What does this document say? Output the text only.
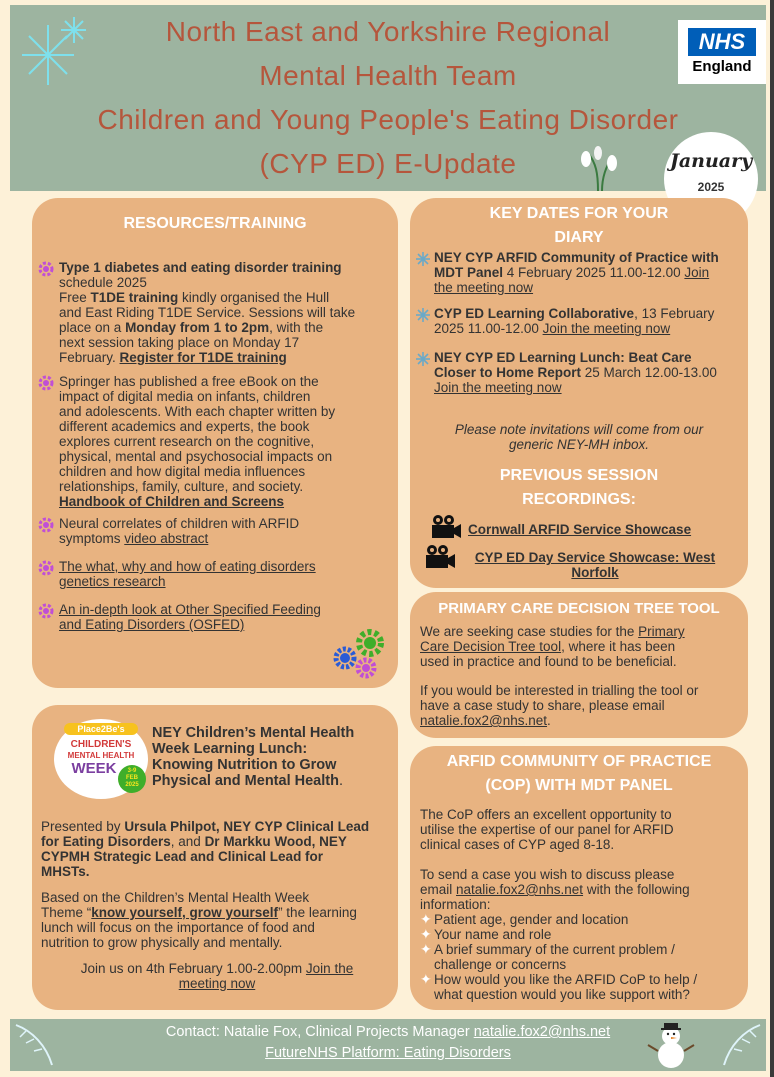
North East and Yorkshire Regional
Mental Health Team
Children and Young People's Eating Disorder
(CYP ED) E-Update
NHS
England
January
2025
RESOURCES/TRAINING
Type 1 diabetes and eating disorder training
schedule 2025
Free T1DE training kindly organised the Hull
and East Riding T1DE Service. Sessions will take
place on a Monday from 1 to 2pm, with the
next session taking place on Monday 17
February. Register for T1DE training
Springer has published a free eBook on the
impact of digital media on infants, children
and adolescents. With each chapter written by
different academics and experts, the book
explores current research on the cognitive,
physical, mental and psychosocial impacts on
children and how digital media influences
relationships, family, culture, and society.
Handbook of Children and Screens
Neural correlates of children with ARFID
symptoms video abstract
The what, why and how of eating disorders
genetics research
An in-depth look at Other Specified Feeding
and Eating Disorders (OSFED)
Place2Be's
CHILDREN'S
MENTAL HEALTH
WEEK	3-9
FEB
2025
NEY Children’s Mental Health
Week Learning Lunch:
Knowing Nutrition to Grow
Physical and Mental Health.
Presented by Ursula Philpot, NEY CYP Clinical Lead
for Eating Disorders, and Dr Markku Wood, NEY
CYPMH Strategic Lead and Clinical Lead for
MHSTs.
Based on the Children’s Mental Health Week
Theme “know yourself, grow yourself” the learning
lunch will focus on the importance of food and
nutrition to grow physically and mentally.
Join us on 4th February 1.00-2.00pm Join the
meeting now
KEY DATES FOR YOUR
DIARY
NEY CYP ARFID Community of Practice with
MDT Panel 4 February 2025 11.00-12.00 Join
the meeting now
CYP ED Learning Collaborative, 13 February
2025 11.00-12.00 Join the meeting now
NEY CYP ED Learning Lunch: Beat Care
Closer to Home Report 25 March 12.00-13.00
Join the meeting now
Please note invitations will come from our
generic NEY-MH inbox.
PREVIOUS SESSION
RECORDINGS:
Cornwall ARFID Service Showcase
CYP ED Day Service Showcase: West
Norfolk
PRIMARY CARE DECISION TREE TOOL
We are seeking case studies for the Primary
Care Decision Tree tool, where it has been
used in practice and found to be beneficial.
If you would be interested in trialling the tool or
have a case study to share, please email
natalie.fox2@nhs.net.
ARFID COMMUNITY OF PRACTICE
(COP) WITH MDT PANEL
The CoP offers an excellent opportunity to
utilise the expertise of our panel for ARFID
clinical cases of CYP aged 8-18.
To send a case you wish to discuss please
email natalie.fox2@nhs.net with the following
information:
✦ Patient age, gender and location
✦ Your name and role
✦ A brief summary of the current problem /
challenge or concerns
✦ How would you like the ARFID CoP to help /
what question would you like support with?
Contact: Natalie Fox, Clinical Projects Manager natalie.fox2@nhs.net
FutureNHS Platform: Eating Disorders
